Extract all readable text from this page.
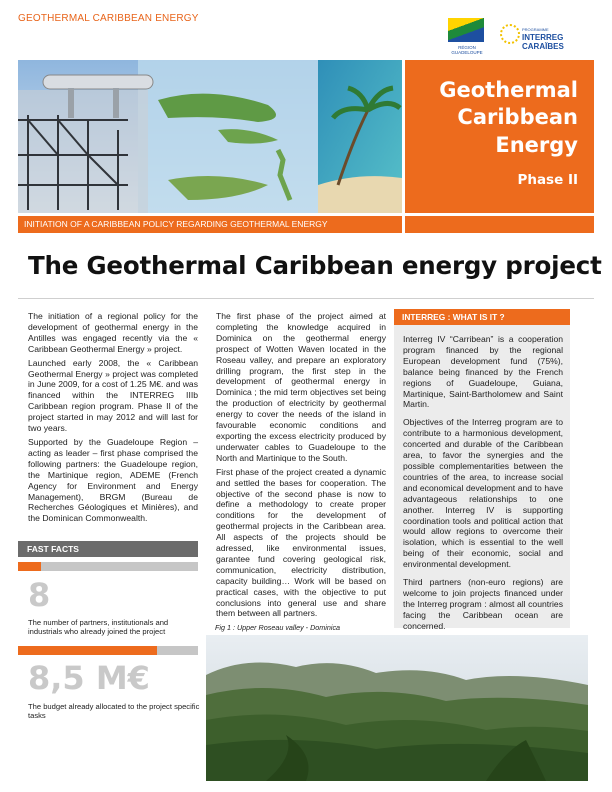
GEOTHERMAL CARIBBEAN ENERGY
RÉGION GUADELOUPE
PROGRAMME
INTERREG CARAÏBES
Geothermal
Caribbean
Energy
Phase II
INITIATION OF A CARIBBEAN POLICY REGARDING GEOTHERMAL ENERGY
The Geothermal Caribbean energy project

The initiation of a regional policy for the development of geothermal energy in the Antilles was engaged recently via the « Caribbean Geothermal Energy » project.

Launched early 2008, the « Caribbean Geothermal Energy » project was completed in June 2009, for a cost of 1.25 M€. and was financed within the INTERREG IIIb Caribbean region program. Phase II of the project started in may 2012 and will last for two years.

Supported by the Guadeloupe Region – acting as leader – first phase comprised the following partners: the Guadeloupe region, the Martinique region, ADEME (French Agency for Environment and Energy Management), BRGM (Bureau de Recherches Géologiques et Minières), and the Dominican Commonwealth.

FAST FACTS
8
The number of partners, institutionals and industrials who already joined the project
8,5 M€
The budget already allocated to the project specific tasks

The first phase of the project aimed at completing the knowledge acquired in Dominica on the geothermal energy prospect of Wotten Waven located in the Roseau valley, and prepare an exploratory drilling program, the first step in the development of geothermal energy in Dominica ; the mid term objectives set being the production of electricity by geothermal energy to cover the needs of the island in favourable economic conditions and exporting the excess electricity produced by underwater cables to Guadeloupe to the North and Martinique to the South.

First phase of the project created a dynamic and settled the bases for cooperation. The objective of the second phase is now to define a methodology to create proper conditions for the development of geothermal projects in the Caribbean area. All aspects of the projects should be adressed, like environmental issues, garantee fund covering geological risk, communication, electricity distribution, capacity building… Work will be based on practical cases, with the objective to put conclusions into general use and share them between all partners.

INTERREG : WHAT IS IT ?

Interreg IV “Carribean” is a cooperation program financed by the regional European development fund (75%), balance being financed by the French regions of Guadeloupe, Guiana, Martinique, Saint-Bartholomew and Saint Martin.

Objectives of the Interreg program are to contribute to a harmonious development, concerted and durable of the Caribbean area, to favor the synergies and the possible complementarities between the countries of the area, to increase social and economical development and to have advantageous relationships to one another. Interreg IV is supporting coordination tools and political action that would allow regions to overcome their isolation, which is essential to the well being of their economic, social and environmental development.

Third partners (non-euro regions) are welcome to join projects financed under the Interreg program : almost all countries facing the Caribbean ocean are concerned.

Fig 1 : Upper Roseau valley - Dominica
